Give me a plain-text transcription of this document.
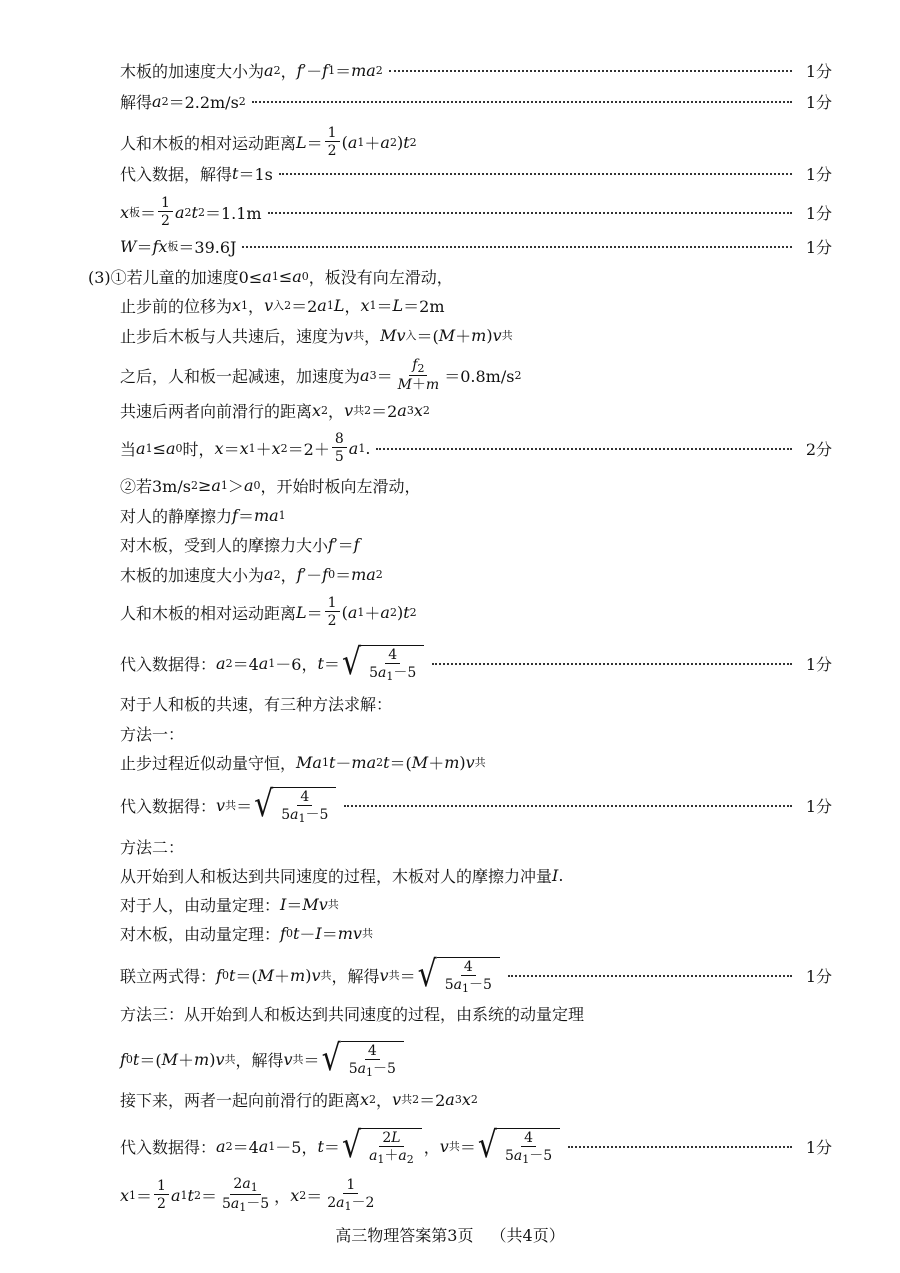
木板的加速度大小为 a 2 ， f ′－ f 1 ＝ ma 2	1分
解得 a 2 ＝2.2m/s 2	1分
人和木板的相对运动距离 $L = \frac{1}{2}$ ( a 1 ＋ a 2 ) t 2
代入数据，解得 t ＝1s	1分
x 板 ＝ $\frac{1}{2}$ a 2 t 2 ＝1.1m	1分
W ＝ fx 板 ＝39.6J	1分
(3)①若儿童的加速度0≤ a 1 ≤ a 0 ，板没有向左滑动，
止步前的位移为 x 1 ， v 入 2 ＝2 a 1 L ， x 1 ＝ L ＝2m
止步后木板与人共速后，速度为 v 共 ， Mv 入 ＝( M ＋ m ) v 共
之后，人和板一起减速，加速度为 a $3 = \frac{f_2}{M+m} =0.8m/s$ 2
共速后两者向前滑行的距离 x 2 ， v 共 2 ＝2 a 3 x 2
当 a 1 ≤ a 0 时， x ＝ x 1 ＋ x $2 =2+ \frac{8}{5}$ a 1 .	2分
②若3m/s 2 ≥ a 1 ＞ a 0 ，开始时板向左滑动，
对人的静摩擦力 f ＝ ma 1
对木板，受到人的摩擦力大小 f ′＝ f
木板的加速度大小为 a 2 ， f ′－ f 0 ＝ ma 2
人和木板的相对运动距离 $L = \frac{1}{2}$ ( a 1 ＋ a 2 ) t 2
代入数据得： a 2 ＝4 a 1 －6， t ＝ √ $\frac{4}{5a_1-5}$	1分
对于人和板的共速，有三种方法求解：
方法一：
止步过程近似动量守恒， Ma 1 t － ma 2 t ＝( M ＋ m ) v 共
代入数据得： v 共 ＝ √ $\frac{4}{5a_1-5}$	1分
方法二：
从开始到人和板达到共同速度的过程，木板对人的摩擦力冲量 I .
对于人，由动量定理： I ＝ Mv 共
对木板，由动量定理： f 0 t － I ＝ mv 共
联立两式得： f 0 t ＝( M ＋ m ) v 共 ，解得 v 共 ＝ √ $\frac{4}{5a_1-5}$	1分
方法三：从开始到人和板达到共同速度的过程，由系统的动量定理
f 0 t ＝( M ＋ m ) v 共 ，解得 v 共 ＝ √ $\frac{4}{5a_1-5}$
接下来，两者一起向前滑行的距离 x 2 ， v 共 2 ＝2 a 3 x 2
代入数据得： a 2 ＝4 a 1 －5， t ＝ √ $\frac{2L}{a_1+a_2}$ ， v 共 ＝ √ $\frac{4}{5a_1-5}$	1分
x $1 = \frac{1}{2}$ a 1 t $2 = \frac{2a_1}{5a_1-5}$ ， x $2 = \frac{1}{2a_1-2}$
高三物理答案第3页 （共4页）
